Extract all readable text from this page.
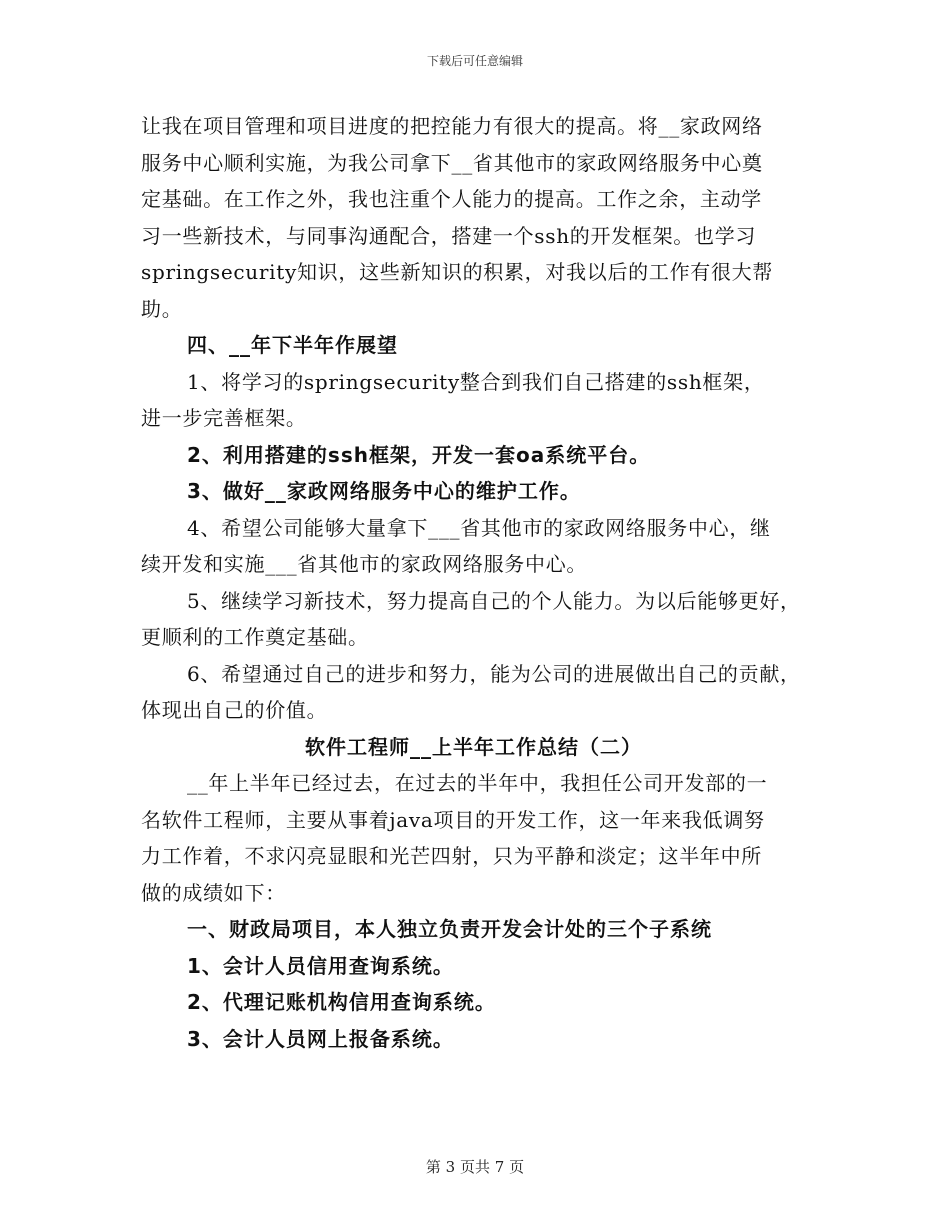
下载后可任意编辑

让我在项目管理和项目进度的把控能力有很大的提高。将__家政网络

服务中心顺利实施，为我公司拿下__省其他市的家政网络服务中心奠

定基础。在工作之外，我也注重个人能力的提高。工作之余，主动学

习一些新技术，与同事沟通配合，搭建一个ssh的开发框架。也学习

springsecurity知识，这些新知识的积累，对我以后的工作有很大帮

助。

四、__年下半年作展望

1、将学习的springsecurity整合到我们自己搭建的ssh框架，

进一步完善框架。

2、利用搭建的ssh框架，开发一套oa系统平台。

3、做好__家政网络服务中心的维护工作。

4、希望公司能够大量拿下___省其他市的家政网络服务中心，继

续开发和实施___省其他市的家政网络服务中心。

5、继续学习新技术，努力提高自己的个人能力。为以后能够更好，

更顺利的工作奠定基础。

6、希望通过自己的进步和努力，能为公司的进展做出自己的贡献，

体现出自己的价值。

软件工程师__上半年工作总结（二）

__年上半年已经过去，在过去的半年中，我担任公司开发部的一

名软件工程师，主要从事着java项目的开发工作，这一年来我低调努

力工作着，不求闪亮显眼和光芒四射，只为平静和淡定；这半年中所

做的成绩如下：

一、财政局项目，本人独立负责开发会计处的三个子系统

1、会计人员信用查询系统。

2、代理记账机构信用查询系统。

3、会计人员网上报备系统。

第 3 页共 7 页
